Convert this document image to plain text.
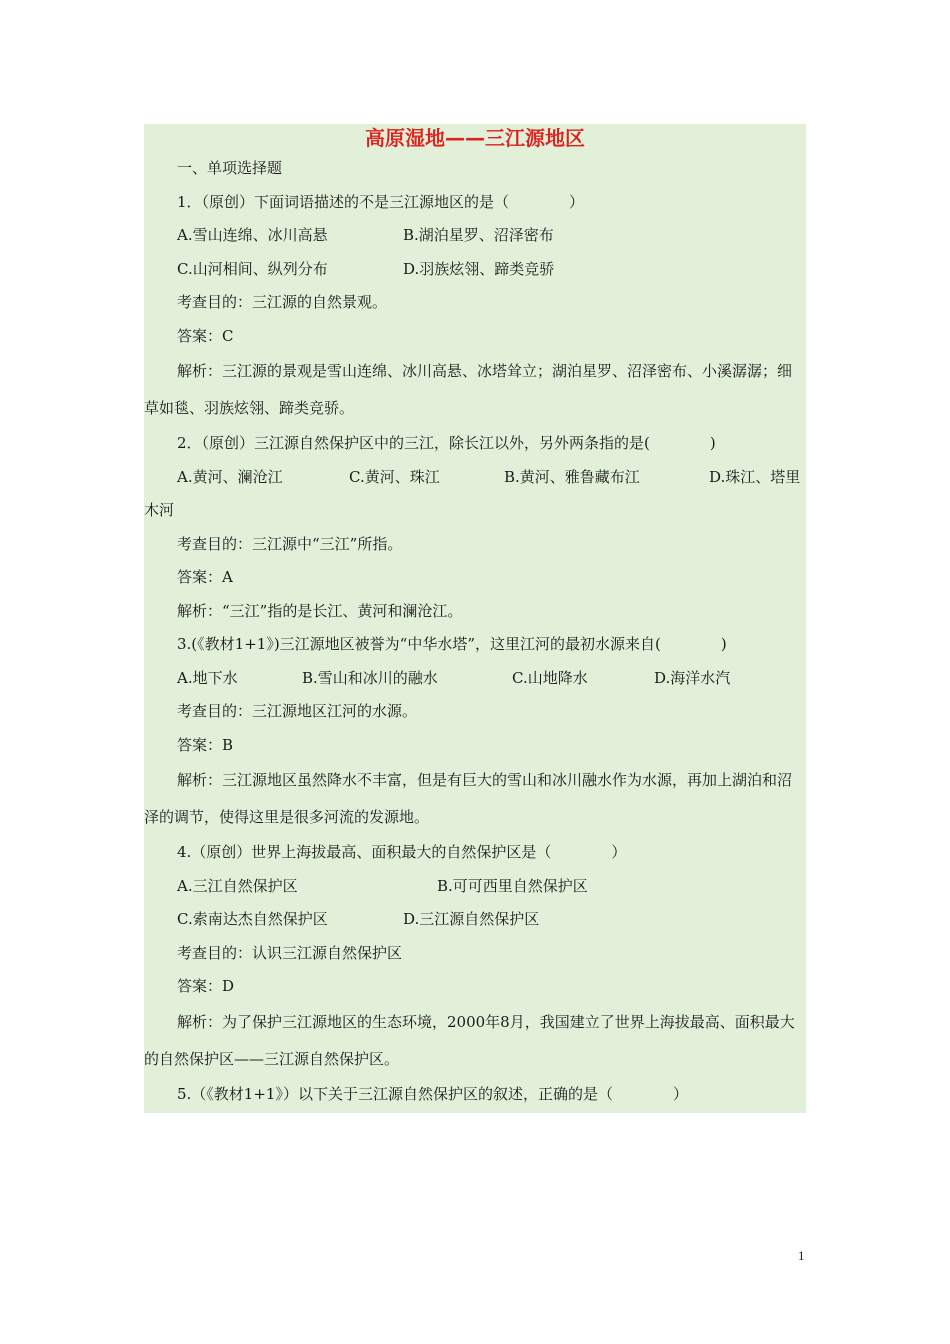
高原湿地——三江源地区
一、单项选择题
1．（原创）下面词语描述的不是三江源地区的是（　　　　）
A.雪山连绵、冰川高悬	B.湖泊星罗、沼泽密布
C.山河相间、纵列分布	D.羽族炫翎、蹄类竞骄
考查目的：三江源的自然景观。
答案：C
解析：三江源的景观是雪山连绵、冰川高悬、冰塔耸立；湖泊星罗、沼泽密布、小溪潺潺；细草如毯、羽族炫翎、蹄类竞骄。
2．（原创）三江源自然保护区中的三江，除长江以外，另外两条指的是(　　　　)
A.黄河、澜沧江	C.黄河、珠江	B.黄河、雅鲁藏布江	D.珠江、塔里
木河
考查目的：三江源中“三江”所指。
答案：A
解析：“三江”指的是长江、黄河和澜沧江。
3.(《教材1+1》)三江源地区被誉为“中华水塔”，这里江河的最初水源来自(　　　　)
A.地下水	B.雪山和冰川的融水	C.山地降水	D.海洋水汽
考查目的：三江源地区江河的水源。
答案：B
解析：三江源地区虽然降水不丰富，但是有巨大的雪山和冰川融水作为水源，再加上湖泊和沼泽的调节，使得这里是很多河流的发源地。
4.（原创）世界上海拔最高、面积最大的自然保护区是（　　　　）
A.三江自然保护区	B.可可西里自然保护区
C.索南达杰自然保护区	D.三江源自然保护区
考查目的：认识三江源自然保护区
答案：D
解析：为了保护三江源地区的生态环境，2000年8月，我国建立了世界上海拔最高、面积最大的自然保护区——三江源自然保护区。
5.（《教材1+1》）以下关于三江源自然保护区的叙述，正确的是（　　　　）
1
